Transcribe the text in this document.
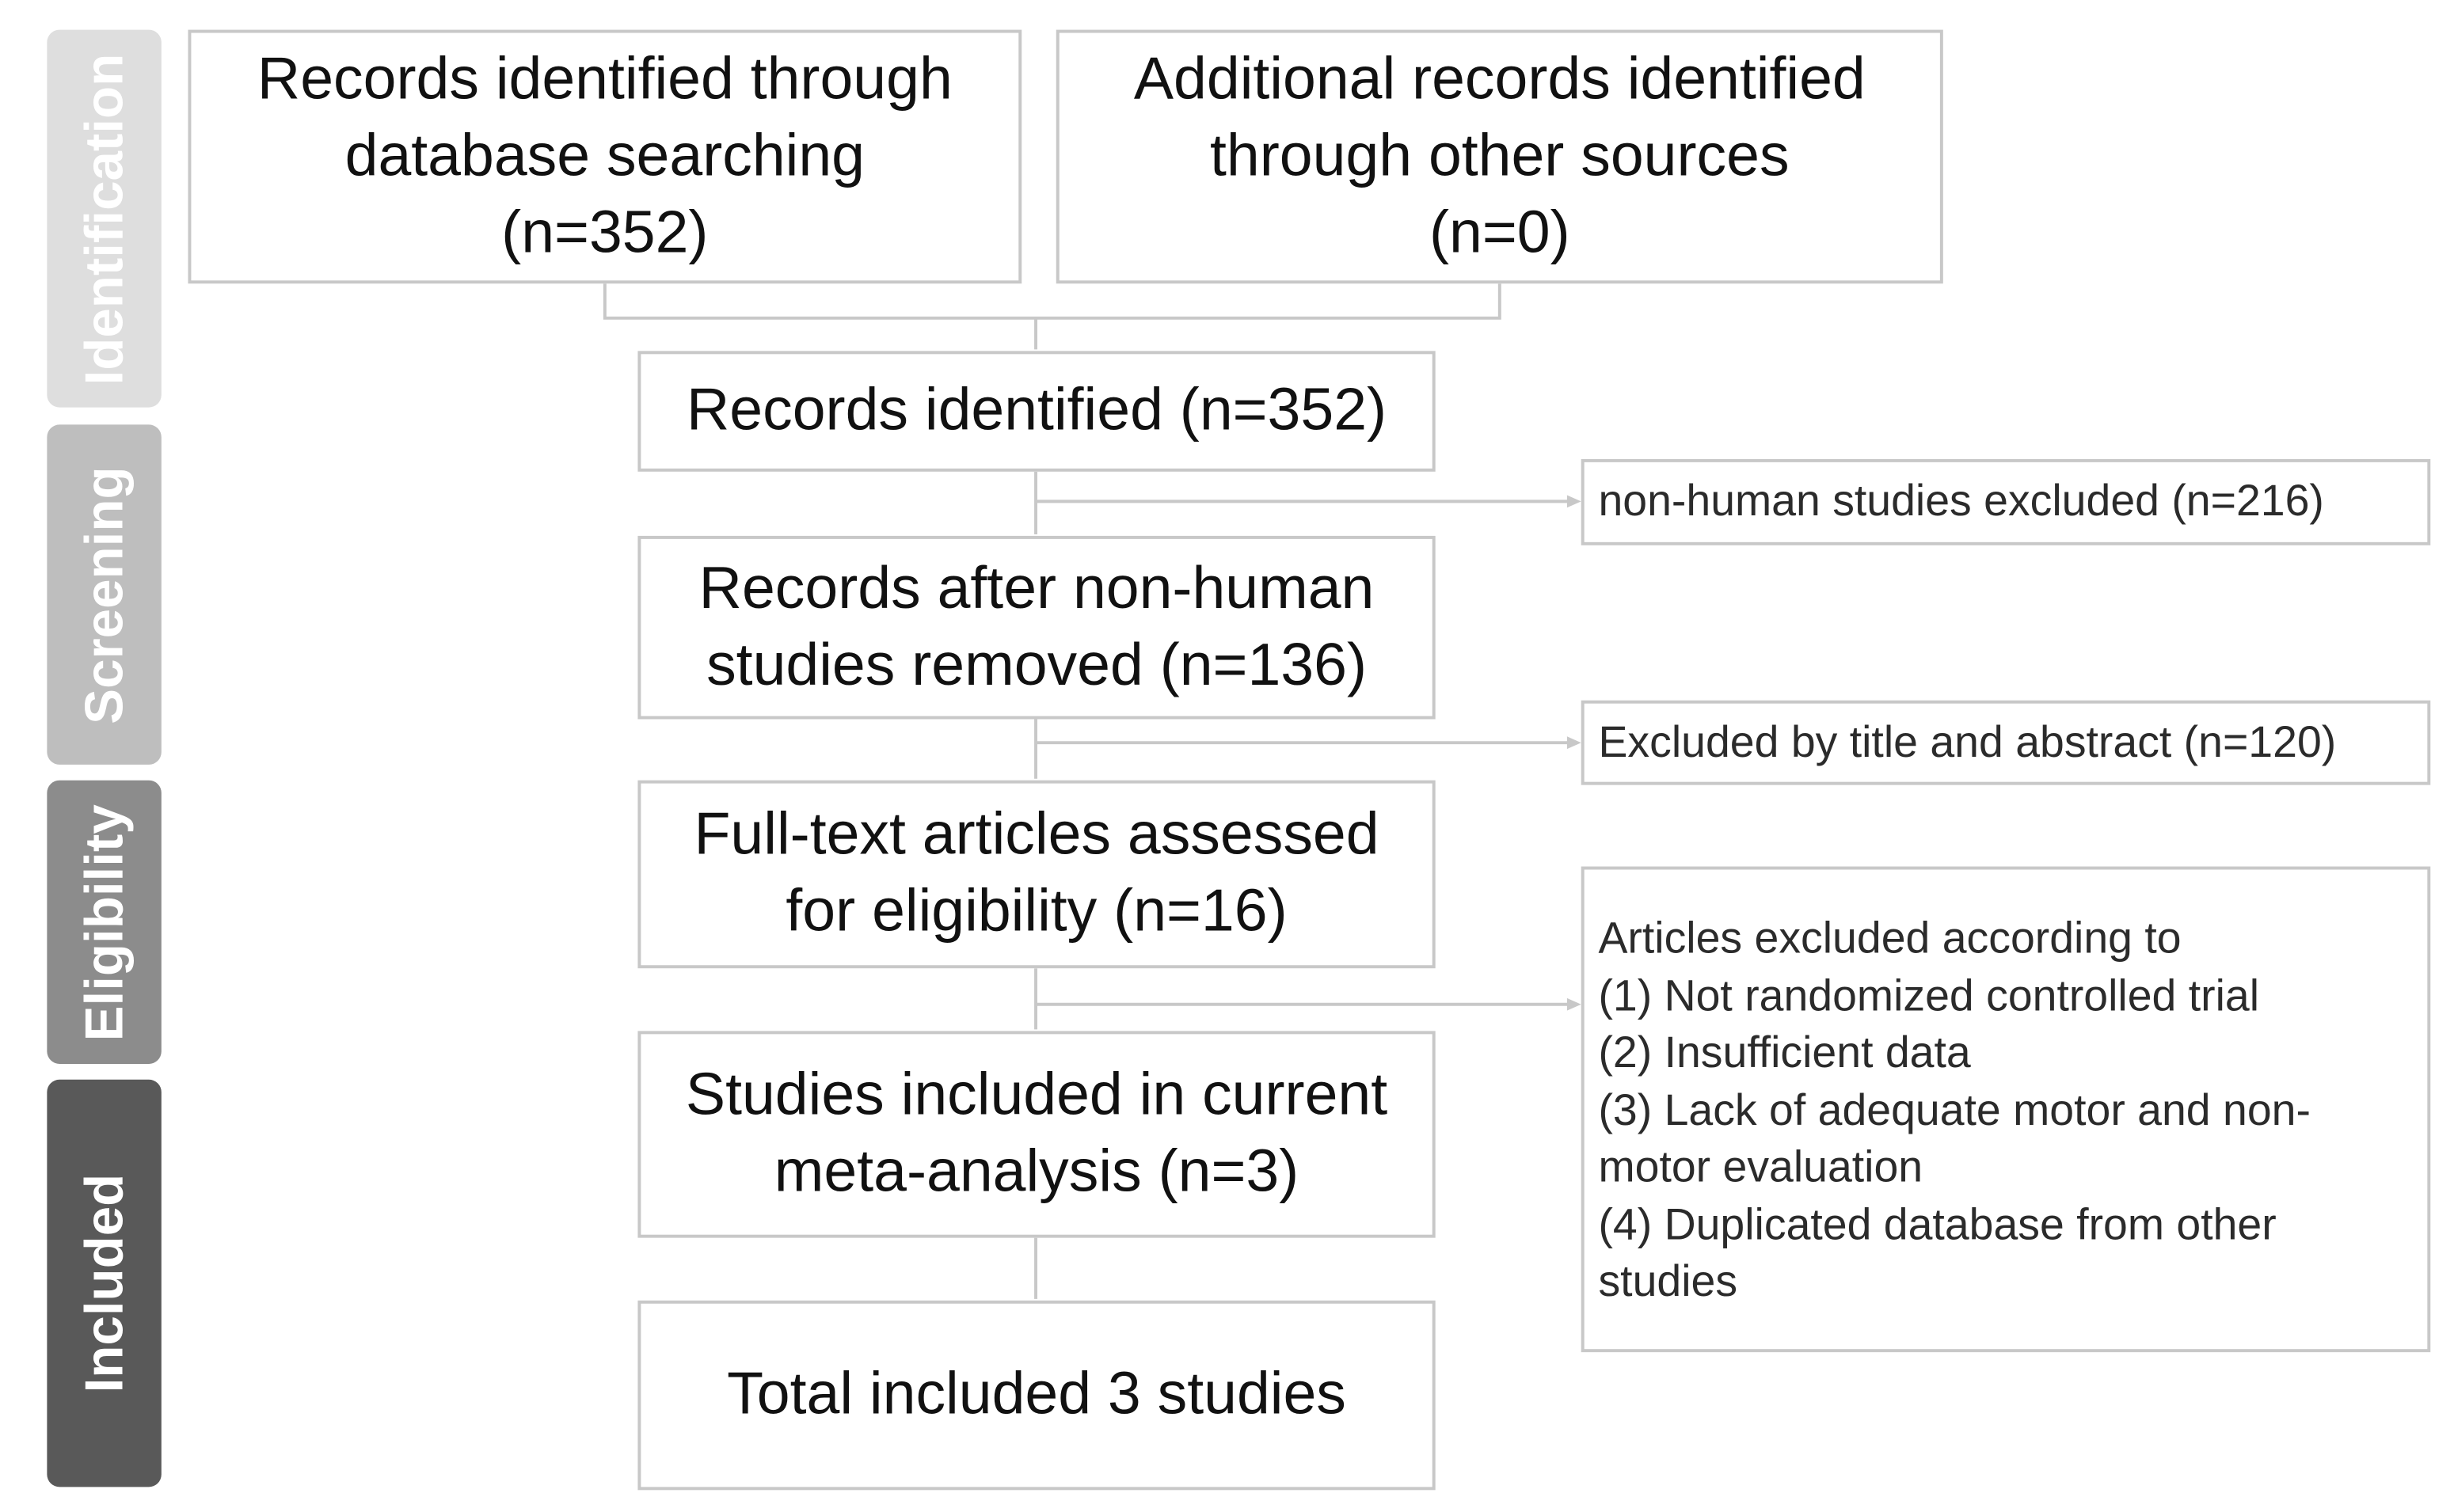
Identification
Screening
Eligibility
Included
Records identified through
database searching
(n=352)
Additional records identified
through other sources
(n=0)
Records identified (n=352)
Records after non-human
studies removed (n=136)
Full-text articles assessed
for eligibility (n=16)
Studies included in current
meta-analysis (n=3)
Total included 3 studies
non-human studies excluded (n=216)
Excluded by title and abstract (n=120)
Articles excluded according to
(1) Not randomized controlled trial
(2) Insufficient data
(3) Lack of adequate motor and non-
motor evaluation
(4) Duplicated database from other
studies
